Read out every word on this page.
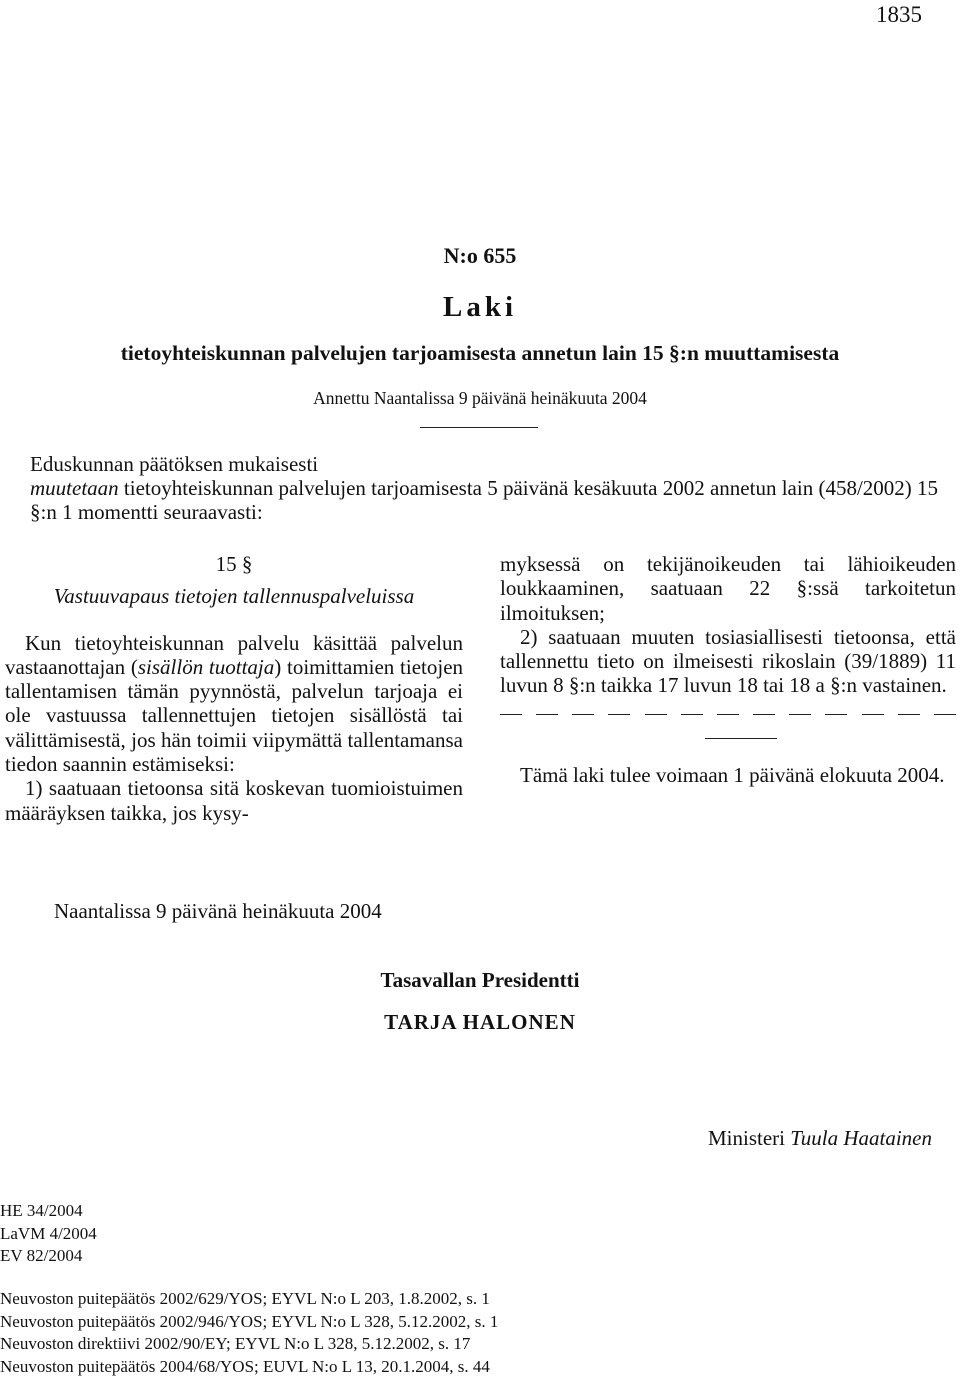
1835
N:o 655
Laki
tietoyhteiskunnan palvelujen tarjoamisesta annetun lain 15 §:n muuttamisesta
Annettu Naantalissa 9 päivänä heinäkuuta 2004

Eduskunnan päätöksen mukaisesti

muutetaan tietoyhteiskunnan palvelujen tarjoamisesta 5 päivänä kesäkuuta 2002 annetun lain (458/2002) 15 §:n 1 momentti seuraavasti:

15 §

Vastuuvapaus tietojen tallennuspalveluissa

Kun tietoyhteiskunnan palvelu käsittää palvelun vastaanottajan (sisällön tuottaja) toimittamien tietojen tallentamisen tämän pyynnöstä, palvelun tarjoaja ei ole vastuussa tallennettujen tietojen sisällöstä tai välittämisestä, jos hän toimii viipymättä tallentamansa tiedon saannin estämiseksi:

1) saatuaan tietoonsa sitä koskevan tuomioistuimen määräyksen taikka, jos kysy-

myksessä on tekijänoikeuden tai lähioikeuden loukkaaminen, saatuaan 22 §:ssä tarkoitetun ilmoituksen;

2) saatuaan muuten tosiasiallisesti tietoonsa, että tallennettu tieto on ilmeisesti rikoslain (39/1889) 11 luvun 8 §:n taikka 17 luvun 18 tai 18 a §:n vastainen.

Tämä laki tulee voimaan 1 päivänä elokuuta 2004.

Naantalissa 9 päivänä heinäkuuta 2004
Tasavallan Presidentti
TARJA HALONEN
Ministeri Tuula Haatainen
HE 34/2004
LaVM 4/2004
EV 82/2004
Neuvoston puitepäätös 2002/629/YOS; EYVL N:o L 203, 1.8.2002, s. 1
Neuvoston puitepäätös 2002/946/YOS; EYVL N:o L 328, 5.12.2002, s. 1
Neuvoston direktiivi 2002/90/EY; EYVL N:o L 328, 5.12.2002, s. 17
Neuvoston puitepäätös 2004/68/YOS; EUVL N:o L 13, 20.1.2004, s. 44
